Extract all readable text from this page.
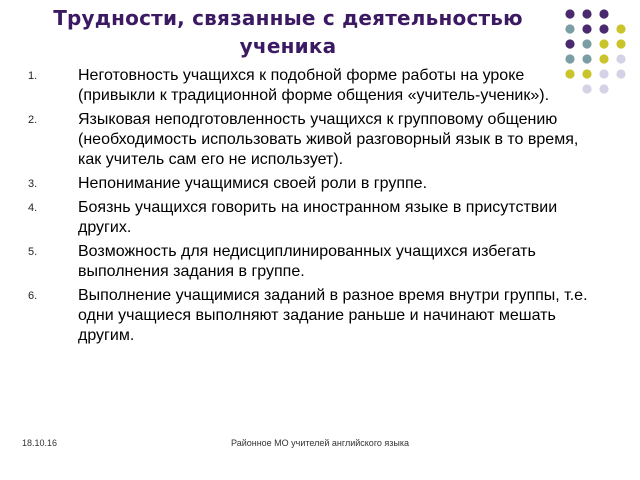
Трудности, связанные с деятельностью
ученика
1.	Неготовность учащихся к подобной форме работы на уроке (привыкли к традиционной форме общения «учитель-ученик»).
2.	Языковая неподготовленность учащихся к групповому общению (необходимость использовать живой разговорный язык в то время, как учитель сам его не использует).
3.	Непонимание учащимися своей роли в группе.
4.	Боязнь учащихся говорить на иностранном языке в присутствии других.
5.	Возможность для недисциплинированных учащихся избегать выполнения задания в группе.
6.	Выполнение учащимися заданий в разное время внутри группы, т.е. одни учащиеся выполняют задание раньше и начинают мешать другим.
Районное МО учителей английского языка
18.10.16
